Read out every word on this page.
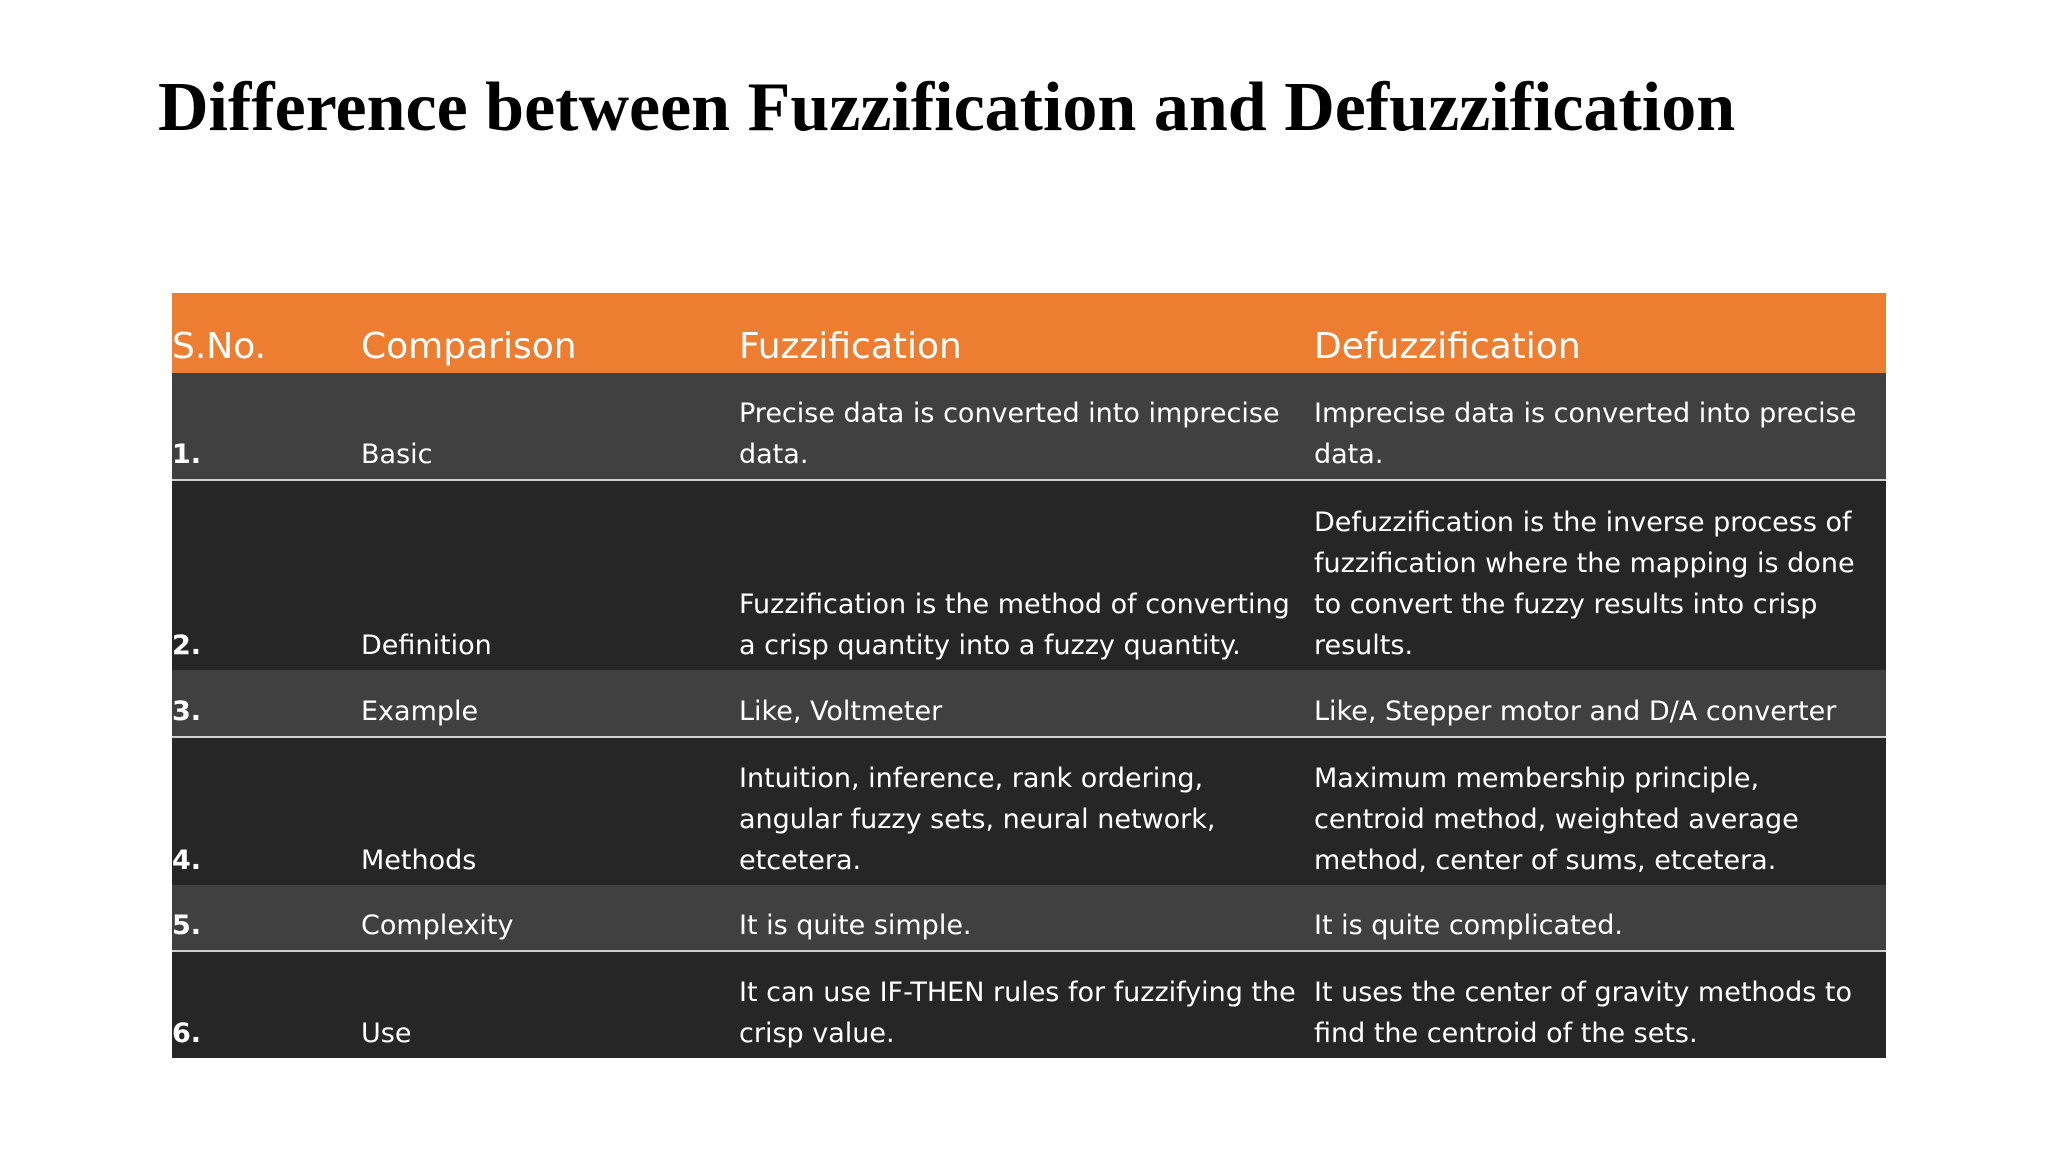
Difference between Fuzzification and Defuzzification
S.No.	Comparison	Fuzzification	Defuzzification
1.	Basic	Precise data is converted into imprecise data.	Imprecise data is converted into precise data.
2.	Definition	Fuzzification is the method of converting a crisp quantity into a fuzzy quantity.	Defuzzification is the inverse process of fuzzification where the mapping is done to convert the fuzzy results into crisp results.
3.	Example	Like, Voltmeter	Like, Stepper motor and D/A converter
4.	Methods	Intuition, inference, rank ordering, angular fuzzy sets, neural network, etcetera.	Maximum membership principle, centroid method, weighted average method, center of sums, etcetera.
5.	Complexity	It is quite simple.	It is quite complicated.
6.	Use	It can use IF-THEN rules for fuzzifying the crisp value.	It uses the center of gravity methods to find the centroid of the sets.
